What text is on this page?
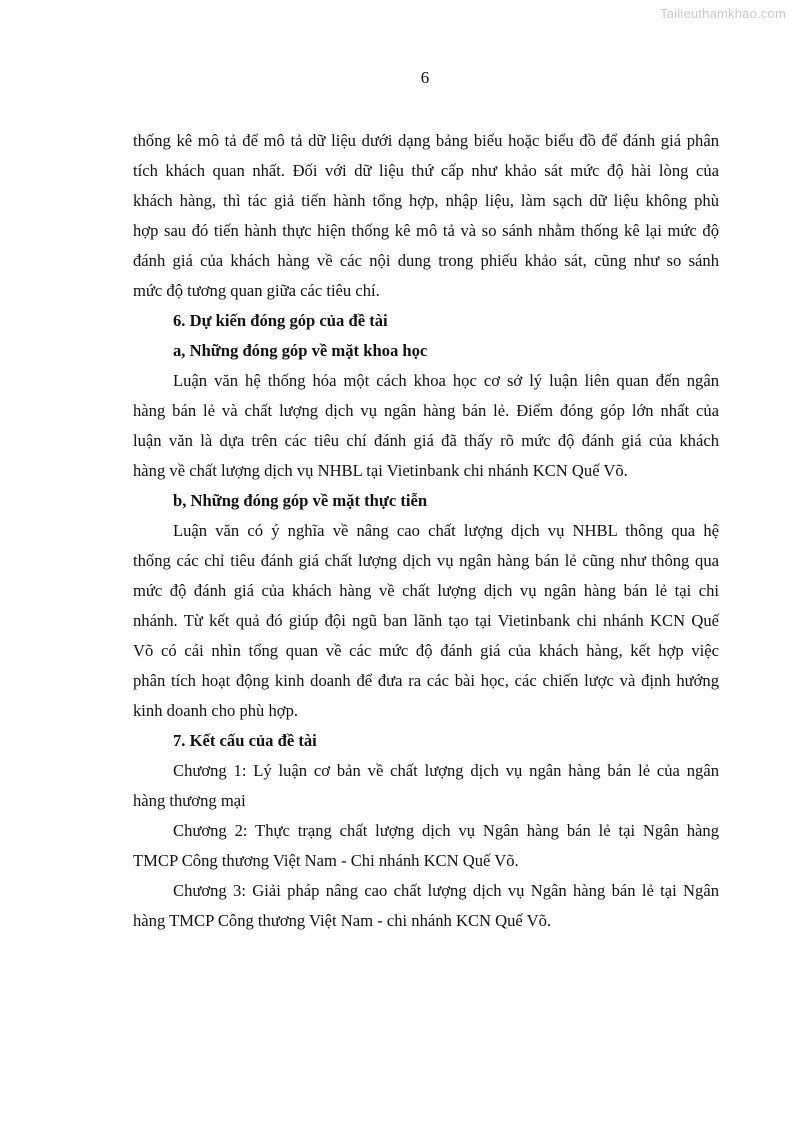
Tailieuthamkhao.com
6
thống kê mô tả để mô tả dữ liệu dưới dạng bảng biểu hoặc biểu đồ để đánh giá phân
tích khách quan nhất. Đối với dữ liệu thứ cấp như khảo sát mức độ hài lòng của
khách hàng, thì tác giả tiến hành tổng hợp, nhập liệu, làm sạch dữ liệu không phù
hợp sau đó tiến hành thực hiện thống kê mô tả và so sánh nhằm thống kê lại mức độ
đánh giá của khách hàng về các nội dung trong phiếu khảo sát, cũng như so sánh
mức độ tương quan giữa các tiêu chí.
6. Dự kiến đóng góp của đề tài
a, Những đóng góp về mặt khoa học
Luận văn hệ thống hóa một cách khoa học cơ sở lý luận liên quan đến ngân
hàng bán lẻ và chất lượng dịch vụ ngân hàng bán lẻ. Điểm đóng góp lớn nhất của
luận văn là dựa trên các tiêu chí đánh giá đã thấy rõ mức độ đánh giá của khách
hàng về chất lượng dịch vụ NHBL tại Vietinbank chi nhánh KCN Quế Võ.
b, Những đóng góp về mặt thực tiễn
Luận văn có ý nghĩa về nâng cao chất lượng dịch vụ NHBL thông qua hệ
thống các chỉ tiêu đánh giá chất lượng dịch vụ ngân hàng bán lẻ cũng như thông qua
mức độ đánh giá của khách hàng về chất lượng dịch vụ ngân hàng bán lẻ tại chi
nhánh. Từ kết quả đó giúp đội ngũ ban lãnh tạo tại Vietinbank chi nhánh KCN Quế
Võ có cái nhìn tổng quan về các mức độ đánh giá của khách hàng, kết hợp việc
phân tích hoạt động kinh doanh để đưa ra các bài học, các chiến lược và định hướng
kinh doanh cho phù hợp.
7. Kết cấu của đề tài
Chương 1: Lý luận cơ bản về chất lượng dịch vụ ngân hàng bán lẻ của ngân
hàng thương mại
Chương 2: Thực trạng chất lượng dịch vụ Ngân hàng bán lẻ tại Ngân hàng
TMCP Công thương Việt Nam - Chi nhánh KCN Quế Võ.
Chương 3: Giải pháp nâng cao chất lượng dịch vụ Ngân hàng bán lẻ tại Ngân
hàng TMCP Công thương Việt Nam - chi nhánh KCN Quế Võ.
